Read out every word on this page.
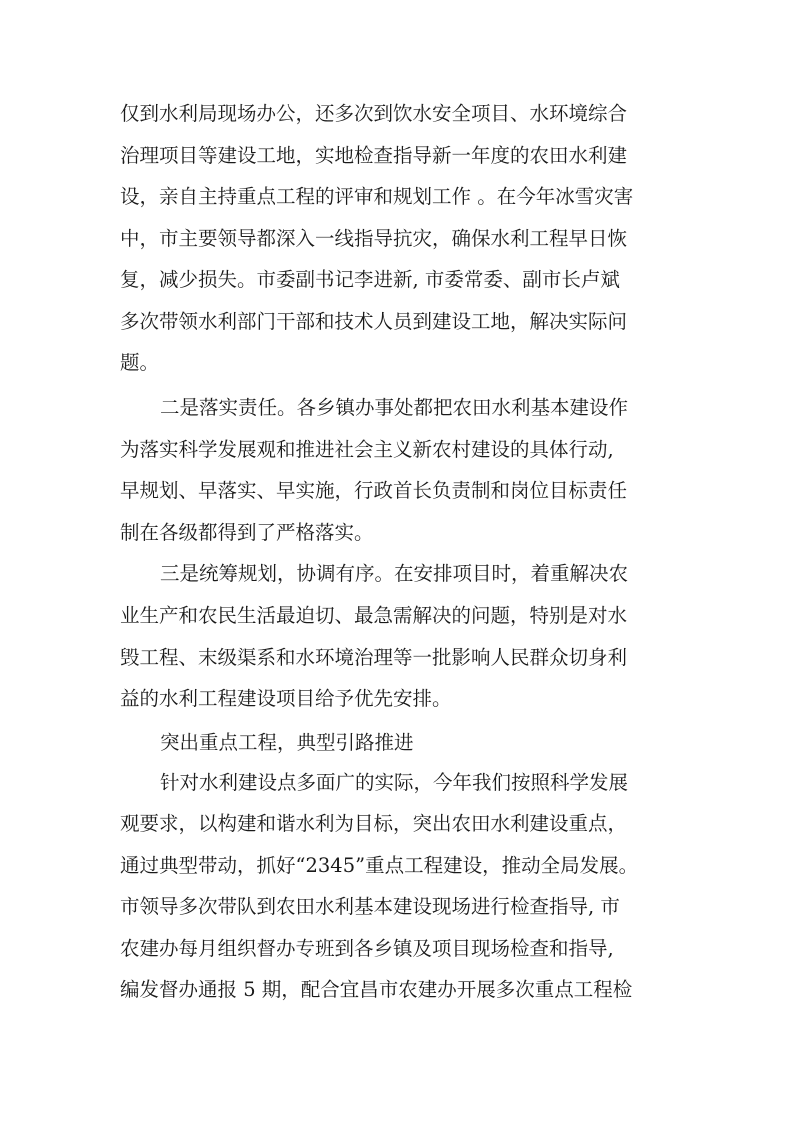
仅到水利局现场办公，还多次到饮水安全项目、水环境综合

治理项目等建设工地，实地检查指导新一年度的农田水利建

设，亲自主持重点工程的评审和规划工作 。在今年冰雪灾害

中，市主要领导都深入一线指导抗灾，确保水利工程早日恢

复，减少损失。市委副书记李进新, 市委常委、副市长卢斌

多次带领水利部门干部和技术人员到建设工地，解决实际问

题。

二是落实责任。各乡镇办事处都把农田水利基本建设作

为落实科学发展观和推进社会主义新农村建设的具体行动,

早规划、早落实、早实施，行政首长负责制和岗位目标责任

制在各级都得到了严格落实。

三是统筹规划，协调有序。在安排项目时，着重解决农

业生产和农民生活最迫切、最急需解决的问题，特别是对水

毁工程、末级渠系和水环境治理等一批影响人民群众切身利

益的水利工程建设项目给予优先安排。

突出重点工程，典型引路推进

针对水利建设点多面广的实际，今年我们按照科学发展

观要求，以构建和谐水利为目标，突出农田水利建设重点，

通过典型带动，抓好“2345”重点工程建设，推动全局发展。

市领导多次带队到农田水利基本建设现场进行检查指导, 市

农建办每月组织督办专班到各乡镇及项目现场检查和指导,

编发督办通报 5 期，配合宜昌市农建办开展多次重点工程检
